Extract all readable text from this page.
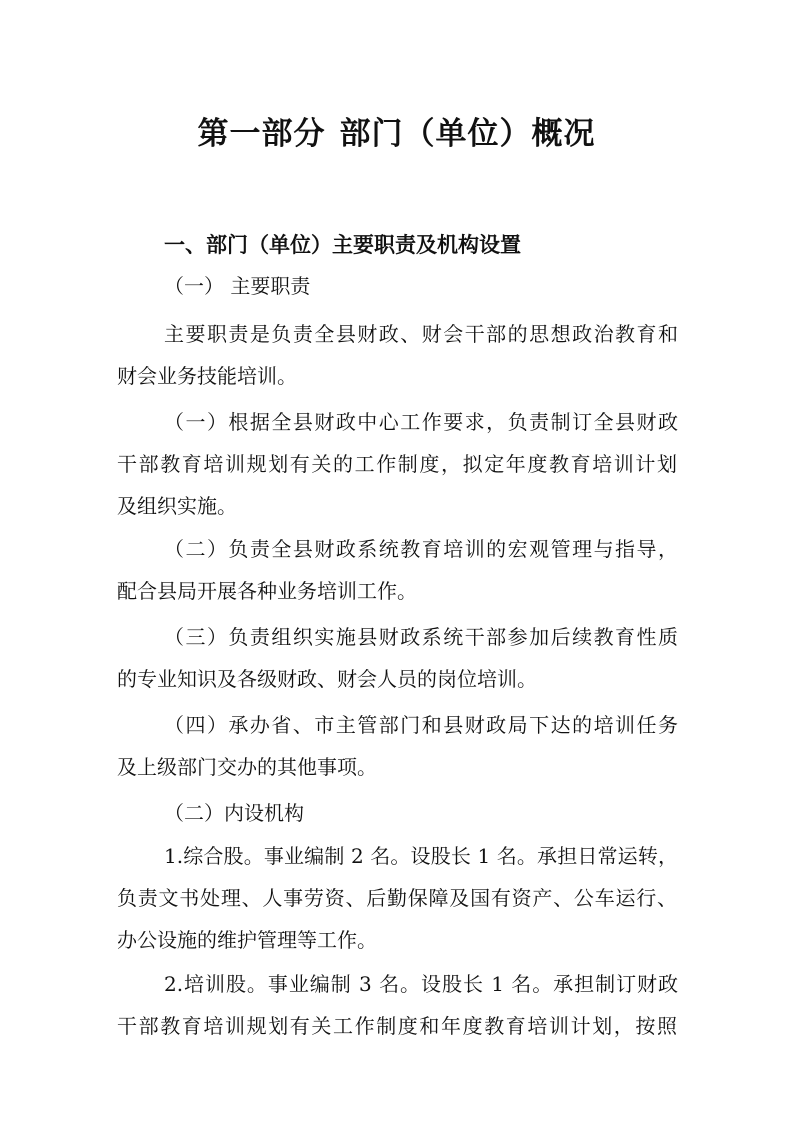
第一部分 部门（单位）概况
一、部门（单位）主要职责及机构设置
（一） 主要职责
主要职责是负责全县财政、财会干部的思想政治教育和
财会业务技能培训。
（一）根据全县财政中心工作要求，负责制订全县财政
干部教育培训规划有关的工作制度，拟定年度教育培训计划
及组织实施。
（二）负责全县财政系统教育培训的宏观管理与指导，
配合县局开展各种业务培训工作。
（三）负责组织实施县财政系统干部参加后续教育性质
的专业知识及各级财政、财会人员的岗位培训。
（四）承办省、市主管部门和县财政局下达的培训任务
及上级部门交办的其他事项。
（二）内设机构
1.综合股。事业编制 2 名。设股长 1 名。承担日常运转，
负责文书处理、人事劳资、后勤保障及国有资产、公车运行、
办公设施的维护管理等工作。
2.培训股。事业编制 3 名。设股长 1 名。承担制订财政
干部教育培训规划有关工作制度和年度教育培训计划，按照
